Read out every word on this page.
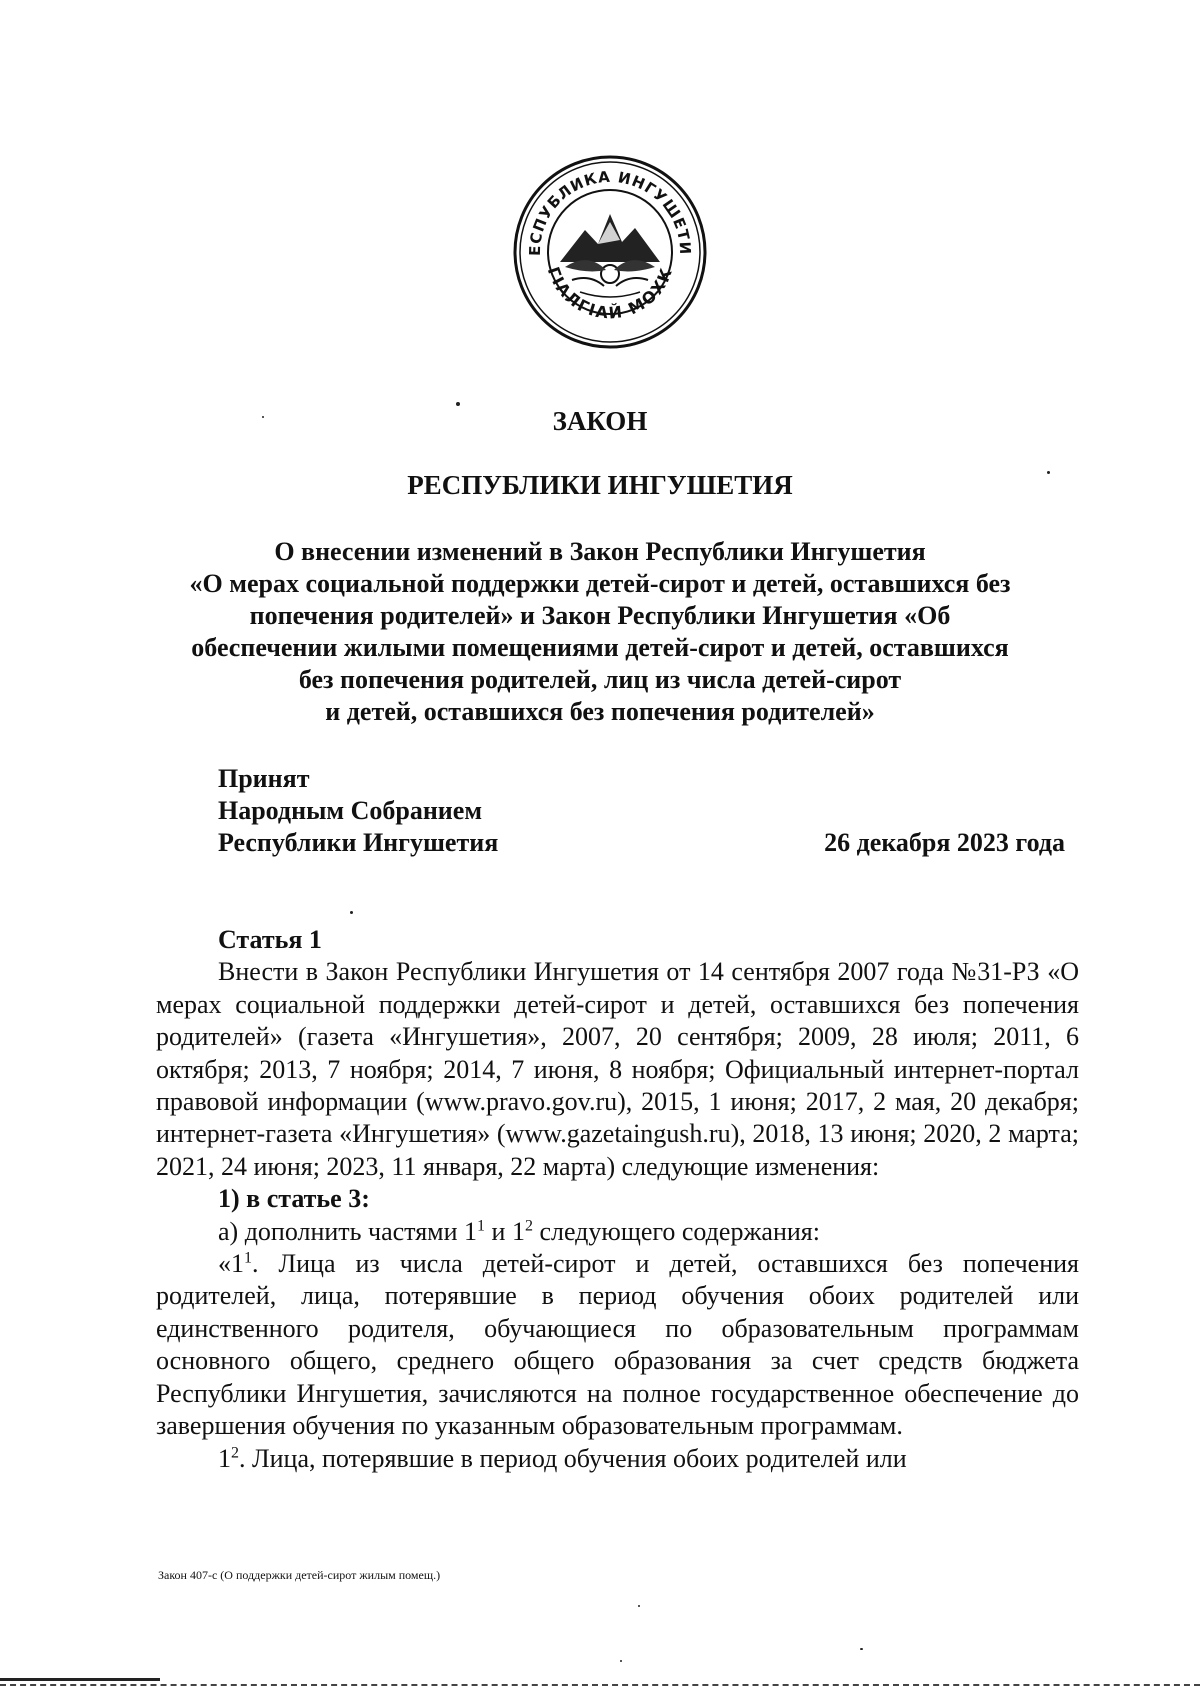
ЕСПУБЛИКА ИНГУШЕТИ
ГІАЛГІАЙ МОХК
ЗАКОН
РЕСПУБЛИКИ ИНГУШЕТИЯ
О внесении изменений в Закон Республики Ингушетия
«О мерах социальной поддержки детей-сирот и детей, оставшихся без
попечения родителей» и Закон Республики Ингушетия «Об
обеспечении жилыми помещениями детей-сирот и детей, оставшихся
без попечения родителей, лиц из числа детей-сирот
и детей, оставшихся без попечения родителей»
Принят
Народным Собранием
Республики Ингушетия	26 декабря 2023 года

Статья 1

Внести в Закон Республики Ингушетия от 14 сентября 2007 года №31-РЗ «О мерах социальной поддержки детей-сирот и детей, оставшихся без попечения родителей» (газета «Ингушетия», 2007, 20 сентября; 2009, 28 июля; 2011, 6 октября; 2013, 7 ноября; 2014, 7 июня, 8 ноября; Официальный интернет-портал правовой информации (www.pravo.gov.ru), 2015, 1 июня; 2017, 2 мая, 20 декабря; интернет-газета «Ингушетия» (www.gazetaingush.ru), 2018, 13 июня; 2020, 2 марта; 2021, 24 июня; 2023, 11 января, 22 марта) следующие изменения:

1) в статье 3:

а) дополнить частями $1^1$ и $1^2$ следующего содержания:

«$1^1$. Лица из числа детей-сирот и детей, оставшихся без попечения родителей, лица, потерявшие в период обучения обоих родителей или единственного родителя, обучающиеся по образовательным программам основного общего, среднего общего образования за счет средств бюджета Республики Ингушетия, зачисляются на полное государственное обеспечение до завершения обучения по указанным образовательным программам.

$1^2$. Лица, потерявшие в период обучения обоих родителей или

Закон 407-с (О поддержки детей-сирот жилым помещ.)
